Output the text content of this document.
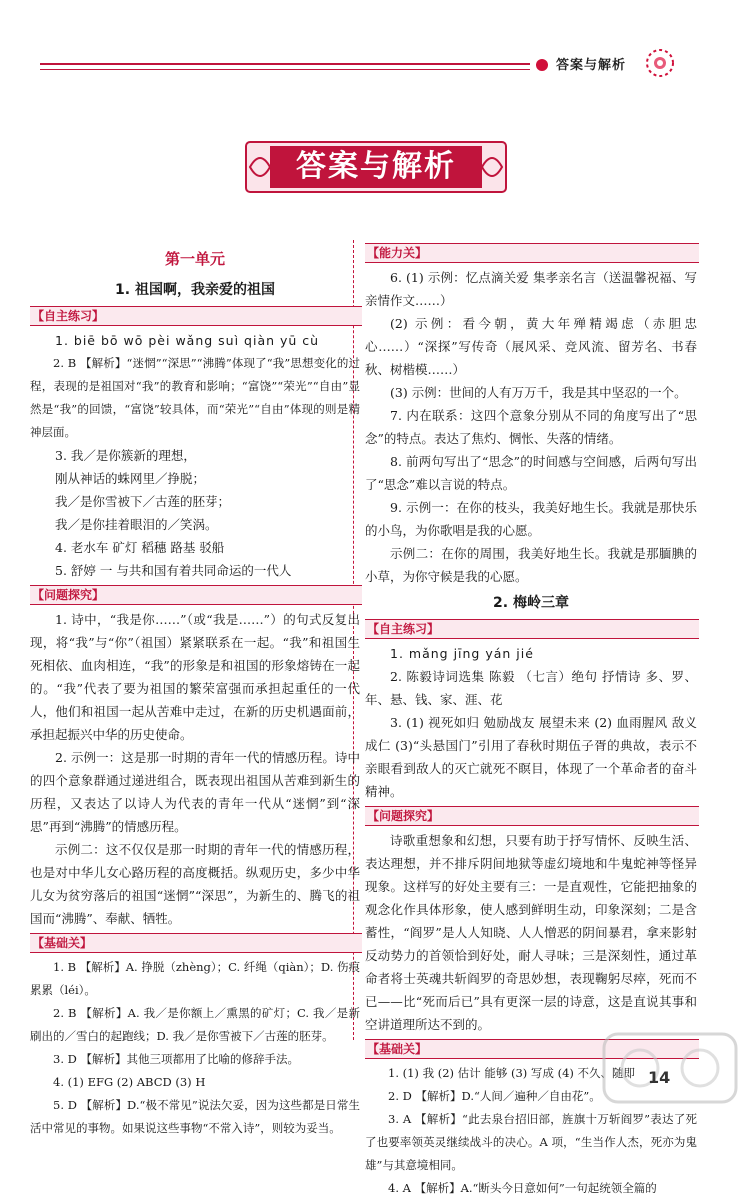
答案与解析
答案与解析
第一单元
1. 祖国啊，我亲爱的祖国
【自主练习】

1. biē bō wō pèi wǎng suì qiàn yū cù

2. B 【解析】“迷惘”“深思”“沸腾”体现了“我”思想变化的过程，表现的是祖国对“我”的教育和影响；“富饶”“荣光”“自由”显然是“我”的回馈，“富饶”较具体，而“荣光”“自由”体现的则是精神层面。

3. 我／是你簇新的理想，

刚从神话的蛛网里／挣脱；

我／是你雪被下／古莲的胚芽；

我／是你挂着眼泪的／笑涡。

4. 老水车 矿灯 稻穗 路基 驳船

5. 舒婷 一 与共和国有着共同命运的一代人

【问题探究】

1. 诗中，“我是你……”（或“我是……”）的句式反复出现，将“我”与“你”（祖国）紧紧联系在一起。“我”和祖国生死相依、血肉相连，“我”的形象是和祖国的形象熔铸在一起的。“我”代表了要为祖国的繁荣富强而承担起重任的一代人，他们和祖国一起从苦难中走过，在新的历史机遇面前，承担起振兴中华的历史使命。

2. 示例一：这是那一时期的青年一代的情感历程。诗中的四个意象群通过递进组合，既表现出祖国从苦难到新生的历程，又表达了以诗人为代表的青年一代从“迷惘”到“深思”再到“沸腾”的情感历程。

示例二：这不仅仅是那一时期的青年一代的情感历程，也是对中华儿女心路历程的高度概括。纵观历史，多少中华儿女为贫穷落后的祖国“迷惘”“深思”，为新生的、腾飞的祖国而“沸腾”、奉献、牺牲。

【基础关】

1. B 【解析】A. 挣脱（zhèng）；C. 纤绳（qiàn）；D. 伤痕累累（léi）。

2. B 【解析】A. 我／是你额上／熏黑的矿灯；C. 我／是新刷出的／雪白的起跑线；D. 我／是你雪被下／古莲的胚芽。

3. D 【解析】其他三项都用了比喻的修辞手法。

4. (1) EFG (2) ABCD (3) H

5. D 【解析】D.“极不常见”说法欠妥，因为这些都是日常生活中常见的事物。如果说这些事物“不常入诗”，则较为妥当。

【能力关】

6. (1) 示例：忆点滴关爱 集孝亲名言（送温馨祝福、写亲情作文……）

(2) 示例：看今朝，黄大年殚精竭虑（赤胆忠心……）“深探”写传奇（展风采、竞风流、留芳名、书春秋、树楷模……）

(3) 示例：世间的人有万万千，我是其中坚忍的一个。

7. 内在联系：这四个意象分别从不同的角度写出了“思念”的特点。表达了焦灼、惆怅、失落的情绪。

8. 前两句写出了“思念”的时间感与空间感，后两句写出了“思念”难以言说的特点。

9. 示例一：在你的枝头，我美好地生长。我就是那快乐的小鸟，为你歌唱是我的心愿。

示例二：在你的周围，我美好地生长。我就是那腼腆的小草，为你守候是我的心愿。

2. 梅岭三章
【自主练习】

1. mǎng jīng yán jié

2. 陈毅诗词选集 陈毅 （七言）绝句 抒情诗 多、罗、年、悬、钱、家、涯、花

3. (1) 视死如归 勉励战友 展望未来 (2) 血雨腥风 敌义成仁 (3)“头悬国门”引用了春秋时期伍子胥的典故，表示不亲眼看到敌人的灭亡就死不瞑目，体现了一个革命者的奋斗精神。

【问题探究】

诗歌重想象和幻想，只要有助于抒写情怀、反映生活、表达理想，并不排斥阴间地狱等虚幻境地和牛鬼蛇神等怪异现象。这样写的好处主要有三：一是直观性，它能把抽象的观念化作具体形象，使人感到鲜明生动，印象深刻；二是含蓄性，“阎罗”是人人知晓、人人憎恶的阴间暴君，拿来影射反动势力的首领恰到好处，耐人寻味；三是深刻性，通过革命者将士英魂共斩阎罗的奇思妙想，表现鞠躬尽瘁，死而不已——比“死而后已”具有更深一层的诗意，这是直说其事和空讲道理所达不到的。

【基础关】

1. (1) 我 (2) 估计 能够 (3) 写成 (4) 不久、随即

2. D 【解析】D.“人间／遍种／自由花”。

3. A 【解析】“此去泉台招旧部，旌旗十万斩阎罗”表达了死了也要率领英灵继续战斗的决心。A 项，“生当作人杰，死亦为鬼雄”与其意境相同。

4. A 【解析】A.“断头今日意如何”一句起统领全篇的

14
